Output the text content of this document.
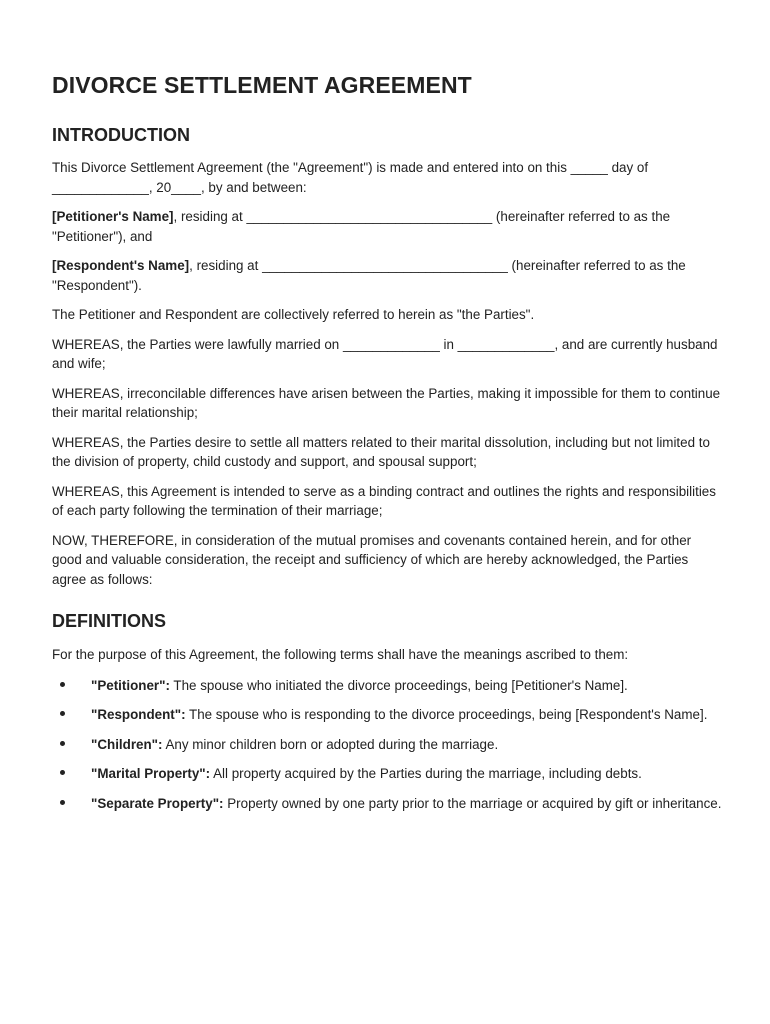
DIVORCE SETTLEMENT AGREEMENT
INTRODUCTION

This Divorce Settlement Agreement (the "Agreement") is made and entered into on this _____ day of _____________, 20____, by and between:

[Petitioner's Name], residing at _________________________________ (hereinafter referred to as the "Petitioner"), and

[Respondent's Name], residing at _________________________________ (hereinafter referred to as the "Respondent").

The Petitioner and Respondent are collectively referred to herein as "the Parties".

WHEREAS, the Parties were lawfully married on _____________ in _____________, and are currently husband and wife;

WHEREAS, irreconcilable differences have arisen between the Parties, making it impossible for them to continue their marital relationship;

WHEREAS, the Parties desire to settle all matters related to their marital dissolution, including but not limited to the division of property, child custody and support, and spousal support;

WHEREAS, this Agreement is intended to serve as a binding contract and outlines the rights and responsibilities of each party following the termination of their marriage;

NOW, THEREFORE, in consideration of the mutual promises and covenants contained herein, and for other good and valuable consideration, the receipt and sufficiency of which are hereby acknowledged, the Parties agree as follows:

DEFINITIONS

For the purpose of this Agreement, the following terms shall have the meanings ascribed to them:

"Petitioner": The spouse who initiated the divorce proceedings, being [Petitioner's Name].
"Respondent": The spouse who is responding to the divorce proceedings, being [Respondent's Name].
"Children": Any minor children born or adopted during the marriage.
"Marital Property": All property acquired by the Parties during the marriage, including debts.
"Separate Property": Property owned by one party prior to the marriage or acquired by gift or inheritance.
